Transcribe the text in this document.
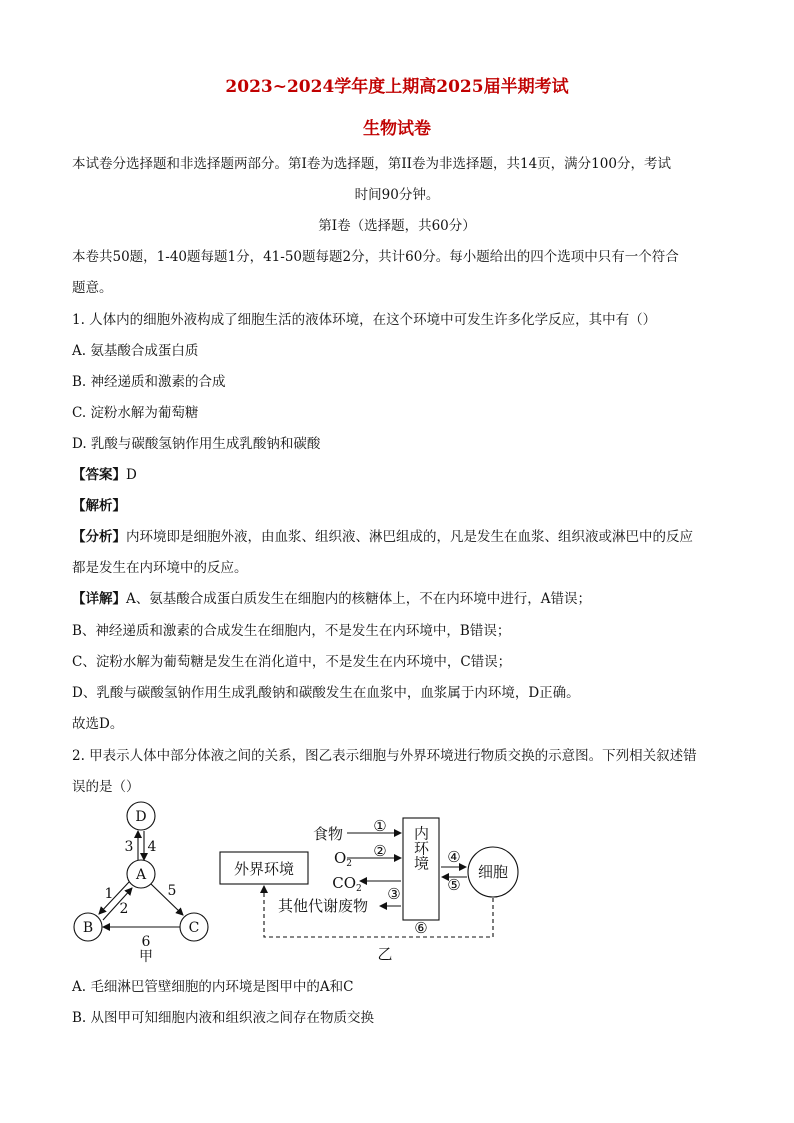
2023~2024学年度上期高2025届半期考试
生物试卷
本试卷分选择题和非选择题两部分。第Ⅰ卷为选择题，第ⅠⅠ卷为非选择题，共14页，满分100分，考试
时间90分钟。
第Ⅰ卷（选择题，共60分）
本卷共50题，1-40题每题1分，41-50题每题2分，共计60分。每小题给出的四个选项中只有一个符合
题意。
1. 人体内的细胞外液构成了细胞生活的液体环境，在这个环境中可发生许多化学反应，其中有（）
A. 氨基酸合成蛋白质
B. 神经递质和激素的合成
C. 淀粉水解为葡萄糖
D. 乳酸与碳酸氢钠作用生成乳酸钠和碳酸
【答案】D
【解析】
【分析】内环境即是细胞外液，由血浆、组织液、淋巴组成的，凡是发生在血浆、组织液或淋巴中的反应
都是发生在内环境中的反应。
【详解】A、氨基酸合成蛋白质发生在细胞内的核糖体上，不在内环境中进行，A错误；
B、神经递质和激素的合成发生在细胞内，不是发生在内环境中，B错误；
C、淀粉水解为葡萄糖是发生在消化道中，不是发生在内环境中，C错误；
D、乳酸与碳酸氢钠作用生成乳酸钠和碳酸发生在血浆中，血浆属于内环境，D正确。
故选D。
2. 甲表示人体中部分体液之间的关系，图乙表示细胞与外界环境进行物质交换的示意图。下列相关叙述错
误的是（）
D
A
B	C
3 4
1
2
5
6
甲
外界环境
食物
$O_2$
$CO_2$
其他代谢废物
内环境
细胞
①
②
③
④
⑤
⑥
乙
A. 毛细淋巴管壁细胞的内环境是图甲中的A和C
B. 从图甲可知细胞内液和组织液之间存在物质交换
